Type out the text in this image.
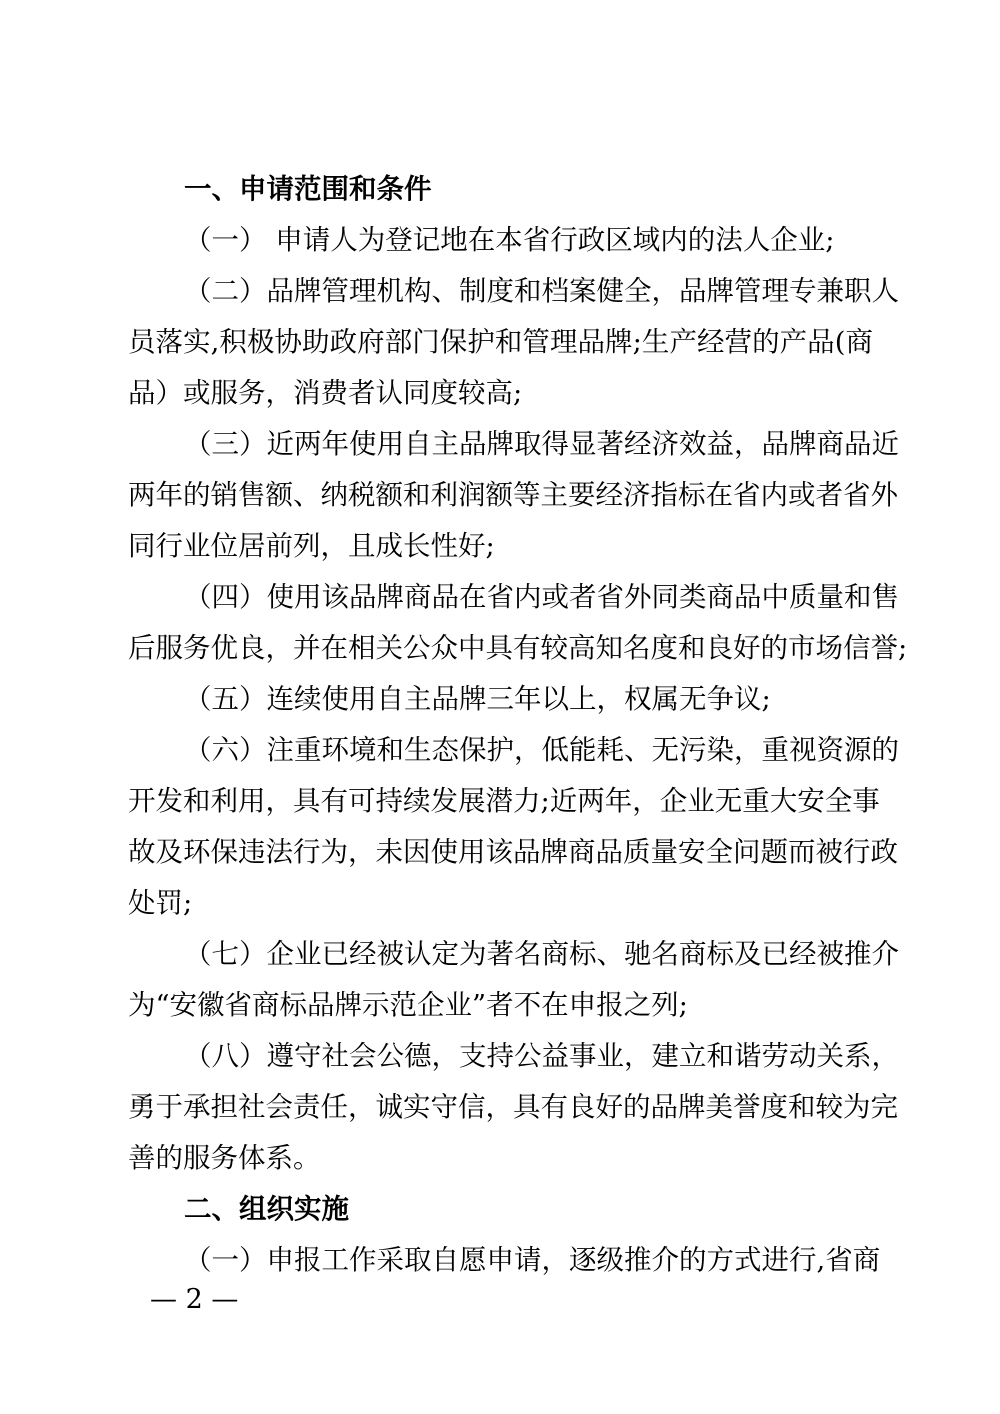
一、申请范围和条件
（一） 申请人为登记地在本省行政区域内的法人企业;
（二）品牌管理机构、制度和档案健全，品牌管理专兼职人
员落实,积极协助政府部门保护和管理品牌;生产经营的产品(商
品）或服务，消费者认同度较高;
（三）近两年使用自主品牌取得显著经济效益，品牌商品近
两年的销售额、纳税额和利润额等主要经济指标在省内或者省外
同行业位居前列，且成长性好;
（四）使用该品牌商品在省内或者省外同类商品中质量和售
后服务优良，并在相关公众中具有较高知名度和良好的市场信誉;
（五）连续使用自主品牌三年以上，权属无争议;
（六）注重环境和生态保护，低能耗、无污染，重视资源的
开发和利用，具有可持续发展潜力;近两年，企业无重大安全事
故及环保违法行为，未因使用该品牌商品质量安全问题而被行政
处罚;
（七）企业已经被认定为著名商标、驰名商标及已经被推介
为“安徽省商标品牌示范企业”者不在申报之列;
（八）遵守社会公德，支持公益事业，建立和谐劳动关系，
勇于承担社会责任，诚实守信，具有良好的品牌美誉度和较为完
善的服务体系。
二、组织实施
（一）申报工作采取自愿申请，逐级推介的方式进行,省商
— 2 —
